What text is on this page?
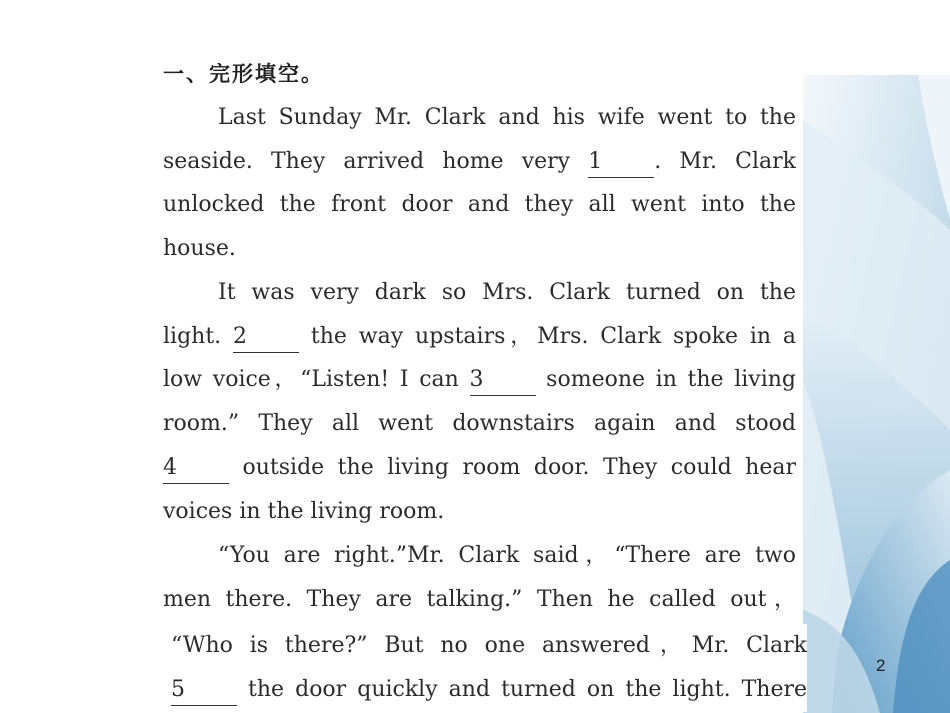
一、完形填空。
Last Sunday Mr. Clark and his wife went to the
seaside. They arrived home very 1 . Mr. Clark
unlocked the front door and they all went into the
house.
It was very dark so Mrs. Clark turned on the
light. 2	the way upstairs，Mrs. Clark spoke in a
low voice，“Listen! I can 3	someone in the living
room.” They all went downstairs again and stood
4	outside the living room door. They could hear
voices in the living room.
“You are right.”Mr. Clark said，“There are two
men there. They are talking.” Then he called out，
“Who is there?” But no one answered，Mr. Clark
5	the door quickly and turned on the light. There
2
